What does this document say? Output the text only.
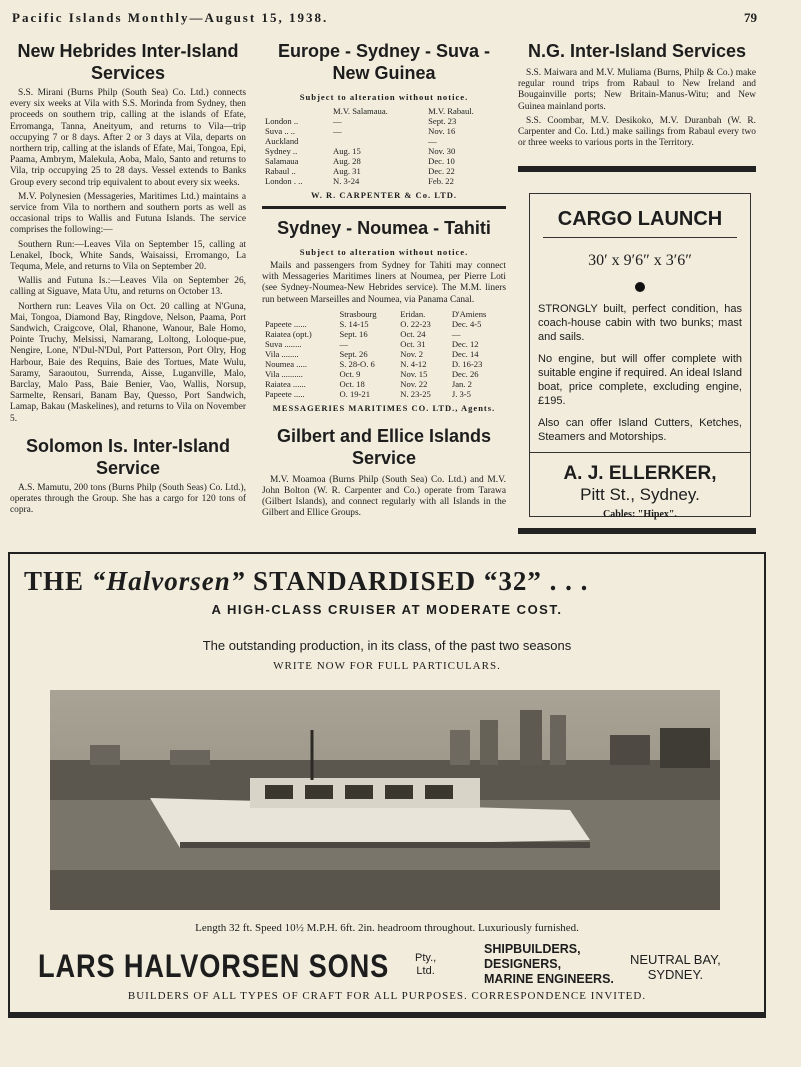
Pacific Islands Monthly—August 15, 1938.	79
New Hebrides Inter-Island Services

S.S. Mirani (Burns Philp (South Sea) Co. Ltd.) connects every six weeks at Vila with S.S. Morinda from Sydney, then proceeds on southern trip, calling at the islands of Efate, Erromanga, Tanna, Aneityum, and returns to Vila—trip occupying 7 or 8 days. After 2 or 3 days at Vila, departs on northern trip, calling at the islands of Efate, Mai, Tongoa, Epi, Paama, Ambrym, Malekula, Aoba, Malo, Santo and returns to Vila, trip occupying 25 to 28 days. Vessel extends to Banks Group every second trip equivalent to about every six weeks.

M.V. Polynesien (Messageries, Maritimes Ltd.) maintains a service from Vila to northern and southern ports as well as occasional trips to Wallis and Futuna Islands. The service comprises the following:—

Southern Run:—Leaves Vila on September 15, calling at Lenakel, Ibock, White Sands, Waisaissi, Erromango, La Tequma, Mele, and returns to Vila on September 20.

Wallis and Futuna Is.:—Leaves Vila on September 26, calling at Siguave, Mata Utu, and returns on October 13.

Northern run: Leaves Vila on Oct. 20 calling at N'Guna, Mai, Tongoa, Diamond Bay, Ringdove, Nelson, Paama, Port Sandwich, Craigcove, Olal, Rhanone, Wanour, Bale Homo, Pointe Truchy, Melsissi, Namarang, Loltong, Loloque-pue, Nengire, Lone, N'Dul-N'Dul, Port Patterson, Port Olry, Hog Harbour, Baie des Requins, Baie des Tortues, Mate Wulu, Saramy, Saraoutou, Surrenda, Aisse, Luganville, Malo, Barclay, Malo Pass, Baie Benier, Vao, Wallis, Norsup, Sarmelte, Rensari, Banam Bay, Quesso, Port Sandwich, Lamap, Bakau (Maskelines), and returns to Vila on November 5.

Solomon Is. Inter-Island Service

A.S. Mamutu, 200 tons (Burns Philp (South Seas) Co. Ltd.), operates through the Group. She has a cargo for 120 tons of copra.

Europe - Sydney - Suva - New Guinea
Subject to alteration without notice.
	M.V. Salamaua.	M.V. Rabaul.
London ..	—	Sept. 23
Suva .. ..	—	Nov. 16
Auckland		—
Sydney ..	Aug. 15	Nov. 30
Salamaua	Aug. 28	Dec. 10
Rabaul ..	Aug. 31	Dec. 22
London . ..	N. 3-24	Feb. 22
W. R. CARPENTER & Co. LTD.
Sydney - Noumea - Tahiti
Subject to alteration without notice.

Mails and passengers from Sydney for Tahiti may connect with Messageries Maritimes liners at Noumea, per Pierre Loti (see Sydney-Noumea-New Hebrides service). The M.M. liners run between Marseilles and Noumea, via Panama Canal.

	Strasbourg	Eridan.	D'Amiens
Papeete ......	S. 14-15	O. 22-23	Dec. 4-5
Raiatea (opt.)	Sept. 16	Oct. 24	—
Suva ........	—	Oct. 31	Dec. 12
Vila ........	Sept. 26	Nov. 2	Dec. 14
Noumea .....	S. 28-O. 6	N. 4-12	D. 16-23
Vila ..........	Oct. 9	Nov. 15	Dec. 26
Raiatea ......	Oct. 18	Nov. 22	Jan. 2
Papeete .....	O. 19-21	N. 23-25	J. 3-5
MESSAGERIES MARITIMES CO. LTD., Agents.
Gilbert and Ellice Islands Service

M.V. Moamoa (Burns Philp (South Sea) Co. Ltd.) and M.V. John Bolton (W. R. Carpenter and Co.) operate from Tarawa (Gilbert Islands), and connect regularly with all Islands in the Gilbert and Ellice Groups.

N.G. Inter-Island Services

S.S. Maiwara and M.V. Muliama (Burns, Philp & Co.) make regular round trips from Rabaul to New Ireland and Bougainville ports; New Britain-Manus-Witu; and New Guinea mainland ports.

S.S. Coombar, M.V. Desikoko, M.V. Duranbah (W. R. Carpenter and Co. Ltd.) make sailings from Rabaul every two or three weeks to various ports in the Territory.

CARGO LAUNCH
30′ x 9′6″ x 3′6″

STRONGLY built, perfect condition, has coach-house cabin with two bunks; mast and sails.

No engine, but will offer complete with suitable engine if required. An ideal Island boat, price complete, excluding engine, £195.

Also can offer Island Cutters, Ketches, Steamers and Motorships.

A. J. ELLERKER,
Pitt St., Sydney.
Cables: "Hipex".
THE “Halvorsen” STANDARDISED “32” . . .
A HIGH-CLASS CRUISER AT MODERATE COST.
The outstanding production, in its class, of the past two seasons
WRITE NOW FOR FULL PARTICULARS.
Length 32 ft. Speed 10½ M.P.H. 6ft. 2in. headroom throughout. Luxuriously furnished.
LARS HALVORSEN SONS Pty.,
Ltd.
SHIPBUILDERS,
DESIGNERS,
MARINE ENGINEERS.
NEUTRAL BAY,
SYDNEY.
BUILDERS OF ALL TYPES OF CRAFT FOR ALL PURPOSES. CORRESPONDENCE INVITED.
